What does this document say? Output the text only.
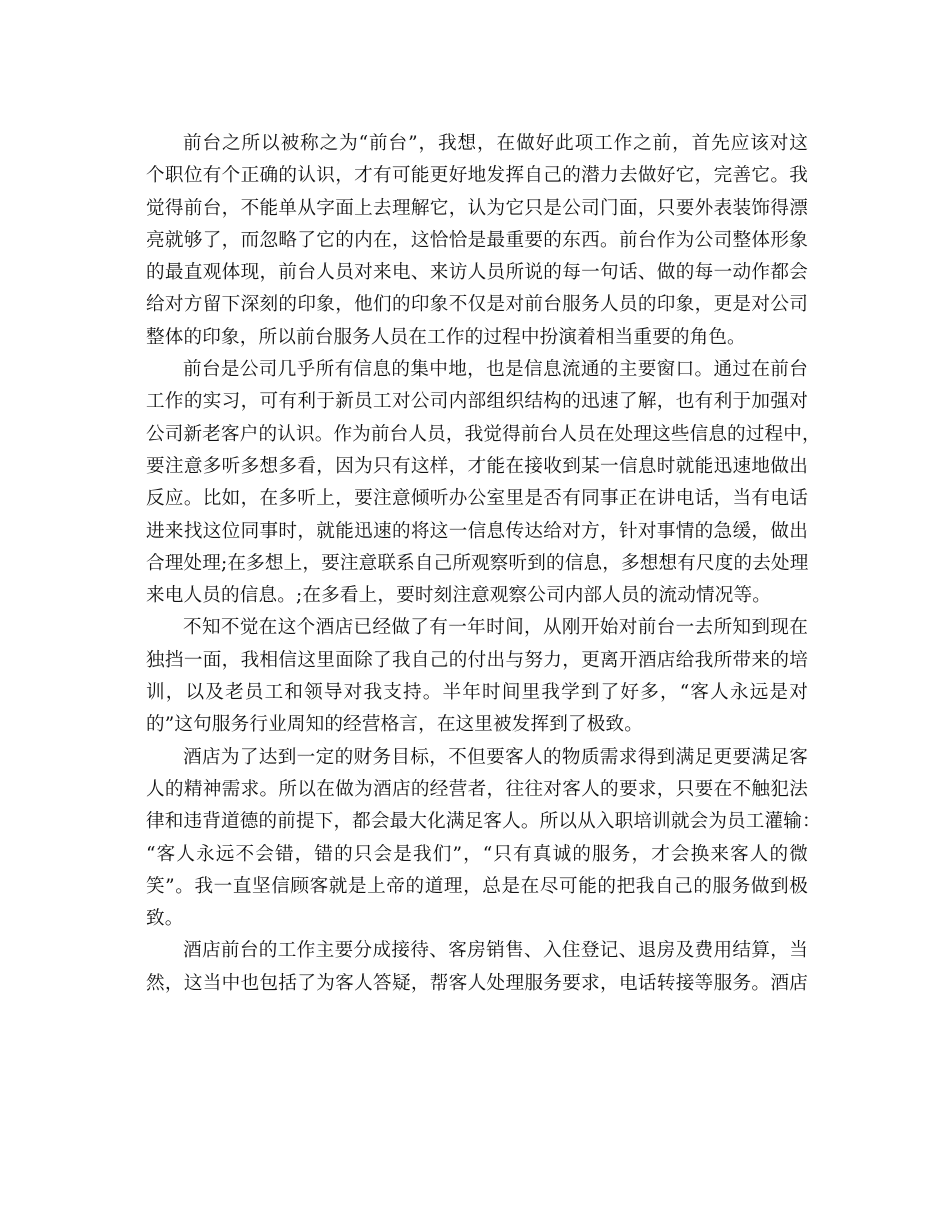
前台之所以被称之为“前台”，我想，在做好此项工作之前，首先应该对这
个职位有个正确的认识，才有可能更好地发挥自己的潜力去做好它，完善它。我
觉得前台，不能单从字面上去理解它，认为它只是公司门面，只要外表装饰得漂
亮就够了，而忽略了它的内在，这恰恰是最重要的东西。前台作为公司整体形象
的最直观体现，前台人员对来电、来访人员所说的每一句话、做的每一动作都会
给对方留下深刻的印象，他们的印象不仅是对前台服务人员的印象，更是对公司
整体的印象，所以前台服务人员在工作的过程中扮演着相当重要的角色。
前台是公司几乎所有信息的集中地，也是信息流通的主要窗口。通过在前台
工作的实习，可有利于新员工对公司内部组织结构的迅速了解，也有利于加强对
公司新老客户的认识。作为前台人员，我觉得前台人员在处理这些信息的过程中，
要注意多听多想多看，因为只有这样，才能在接收到某一信息时就能迅速地做出
反应。比如，在多听上，要注意倾听办公室里是否有同事正在讲电话，当有电话
进来找这位同事时，就能迅速的将这一信息传达给对方，针对事情的急缓，做出
合理处理;在多想上，要注意联系自己所观察听到的信息，多想想有尺度的去处理
来电人员的信息。;在多看上，要时刻注意观察公司内部人员的流动情况等。
不知不觉在这个酒店已经做了有一年时间，从刚开始对前台一去所知到现在
独挡一面，我相信这里面除了我自己的付出与努力，更离开酒店给我所带来的培
训，以及老员工和领导对我支持。半年时间里我学到了好多，“客人永远是对
的”这句服务行业周知的经营格言，在这里被发挥到了极致。
酒店为了达到一定的财务目标，不但要客人的物质需求得到满足更要满足客
人的精神需求。所以在做为酒店的经营者，往往对客人的要求，只要在不触犯法
律和违背道德的前提下，都会最大化满足客人。所以从入职培训就会为员工灌输：
“客人永远不会错，错的只会是我们”，“只有真诚的服务，才会换来客人的微
笑”。我一直坚信顾客就是上帝的道理，总是在尽可能的把我自己的服务做到极
致。
酒店前台的工作主要分成接待、客房销售、入住登记、退房及费用结算，当
然，这当中也包括了为客人答疑，帮客人处理服务要求，电话转接等服务。酒店
